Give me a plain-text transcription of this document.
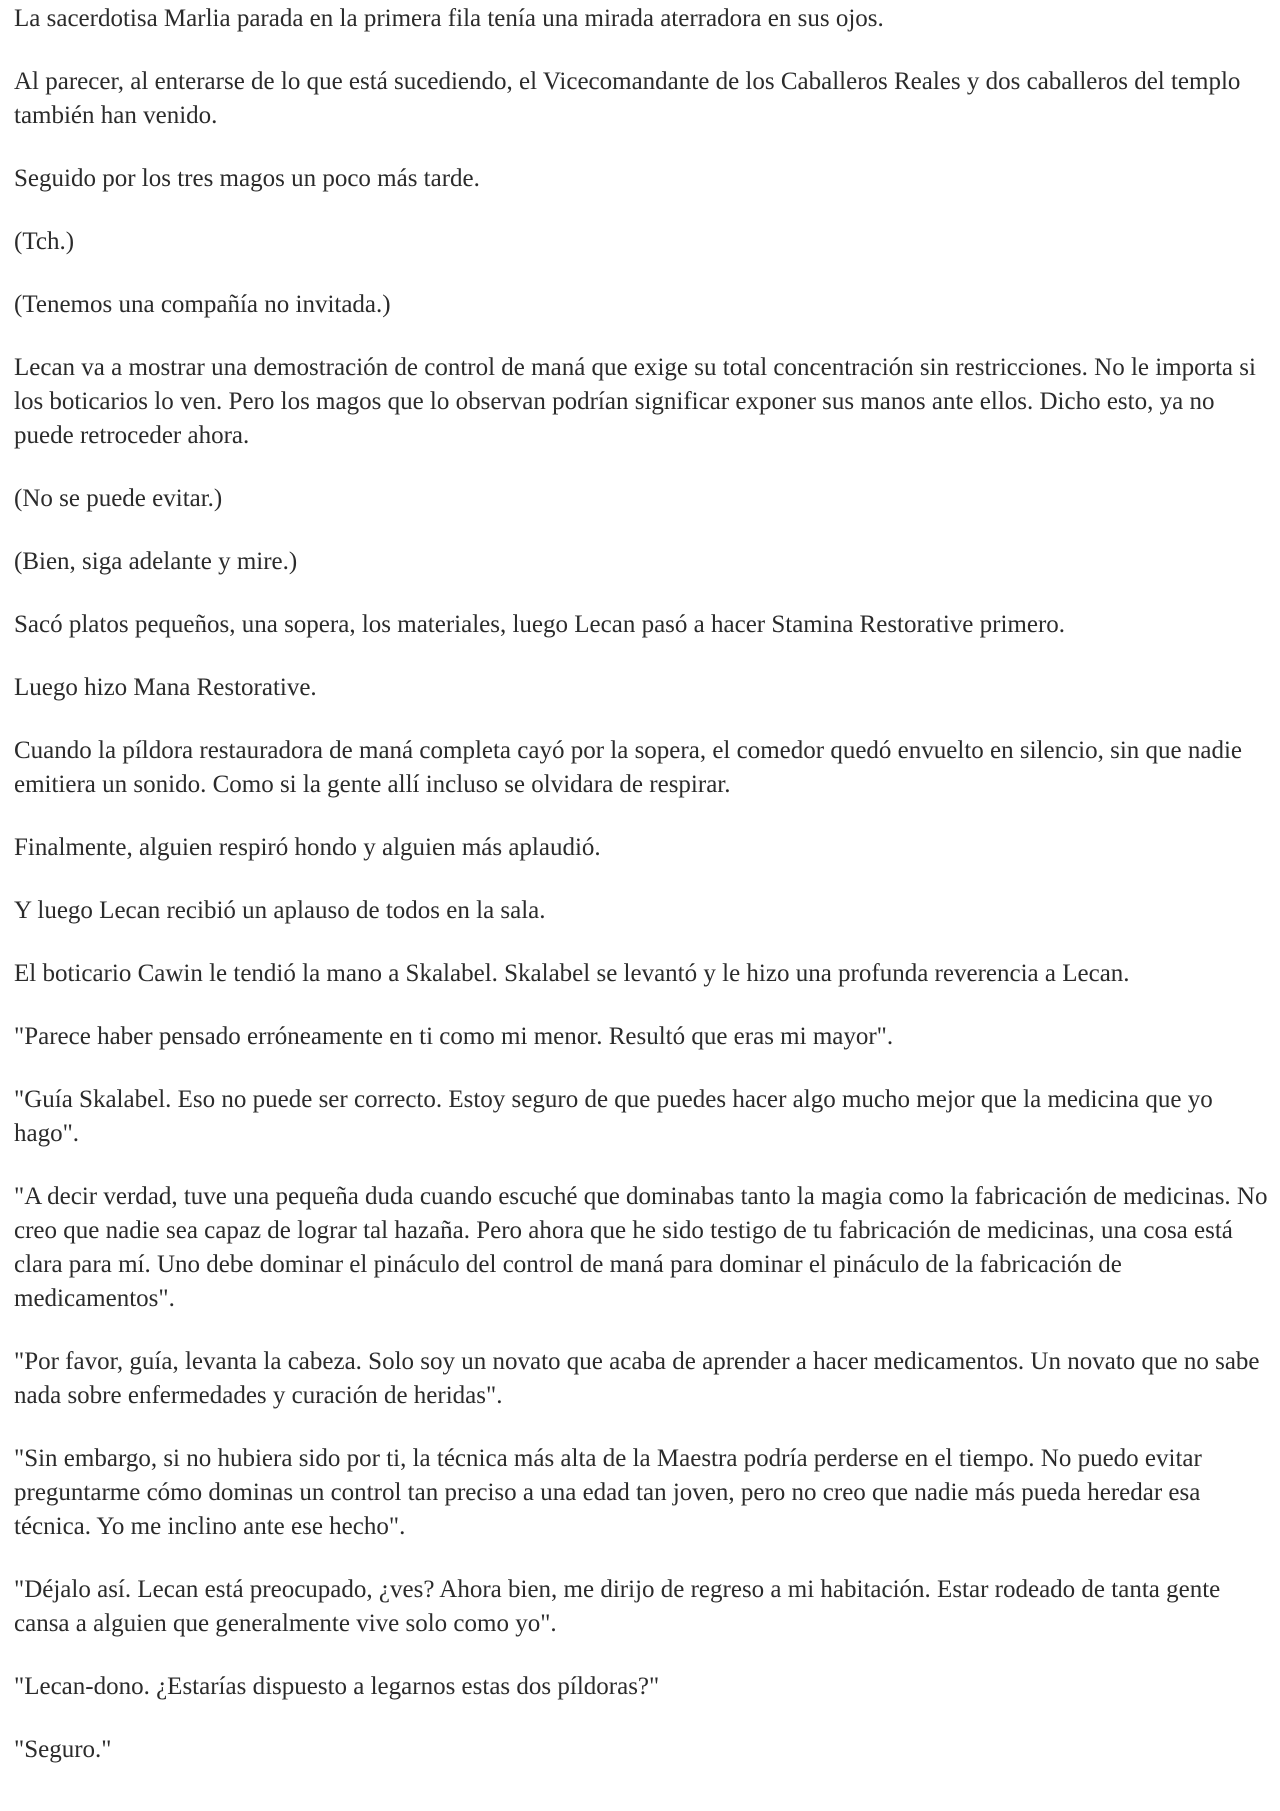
La sacerdotisa Marlia parada en la primera fila tenía una mirada aterradora en sus ojos.

Al parecer, al enterarse de lo que está sucediendo, el Vicecomandante de los Caballeros Reales y dos caballeros del templo también han venido.

Seguido por los tres magos un poco más tarde.

(Tch.)

(Tenemos una compañía no invitada.)

Lecan va a mostrar una demostración de control de maná que exige su total concentración sin restricciones. No le importa si los boticarios lo ven. Pero los magos que lo observan podrían significar exponer sus manos ante ellos. Dicho esto, ya no puede retroceder ahora.

(No se puede evitar.)

(Bien, siga adelante y mire.)

Sacó platos pequeños, una sopera, los materiales, luego Lecan pasó a hacer Stamina Restorative primero.

Luego hizo Mana Restorative.

Cuando la píldora restauradora de maná completa cayó por la sopera, el comedor quedó envuelto en silencio, sin que nadie emitiera un sonido. Como si la gente allí incluso se olvidara de respirar.

Finalmente, alguien respiró hondo y alguien más aplaudió.

Y luego Lecan recibió un aplauso de todos en la sala.

El boticario Cawin le tendió la mano a Skalabel. Skalabel se levantó y le hizo una profunda reverencia a Lecan.

"Parece haber pensado erróneamente en ti como mi menor. Resultó que eras mi mayor".

"Guía Skalabel. Eso no puede ser correcto. Estoy seguro de que puedes hacer algo mucho mejor que la medicina que yo hago".

"A decir verdad, tuve una pequeña duda cuando escuché que dominabas tanto la magia como la fabricación de medicinas. No creo que nadie sea capaz de lograr tal hazaña. Pero ahora que he sido testigo de tu fabricación de medicinas, una cosa está clara para mí. Uno debe dominar el pináculo del control de maná para dominar el pináculo de la fabricación de medicamentos".

"Por favor, guía, levanta la cabeza. Solo soy un novato que acaba de aprender a hacer medicamentos. Un novato que no sabe nada sobre enfermedades y curación de heridas".

"Sin embargo, si no hubiera sido por ti, la técnica más alta de la Maestra podría perderse en el tiempo. No puedo evitar preguntarme cómo dominas un control tan preciso a una edad tan joven, pero no creo que nadie más pueda heredar esa técnica. Yo me inclino ante ese hecho".

"Déjalo así. Lecan está preocupado, ¿ves? Ahora bien, me dirijo de regreso a mi habitación. Estar rodeado de tanta gente cansa a alguien que generalmente vive solo como yo".

"Lecan-dono. ¿Estarías dispuesto a legarnos estas dos píldoras?"

"Seguro."
